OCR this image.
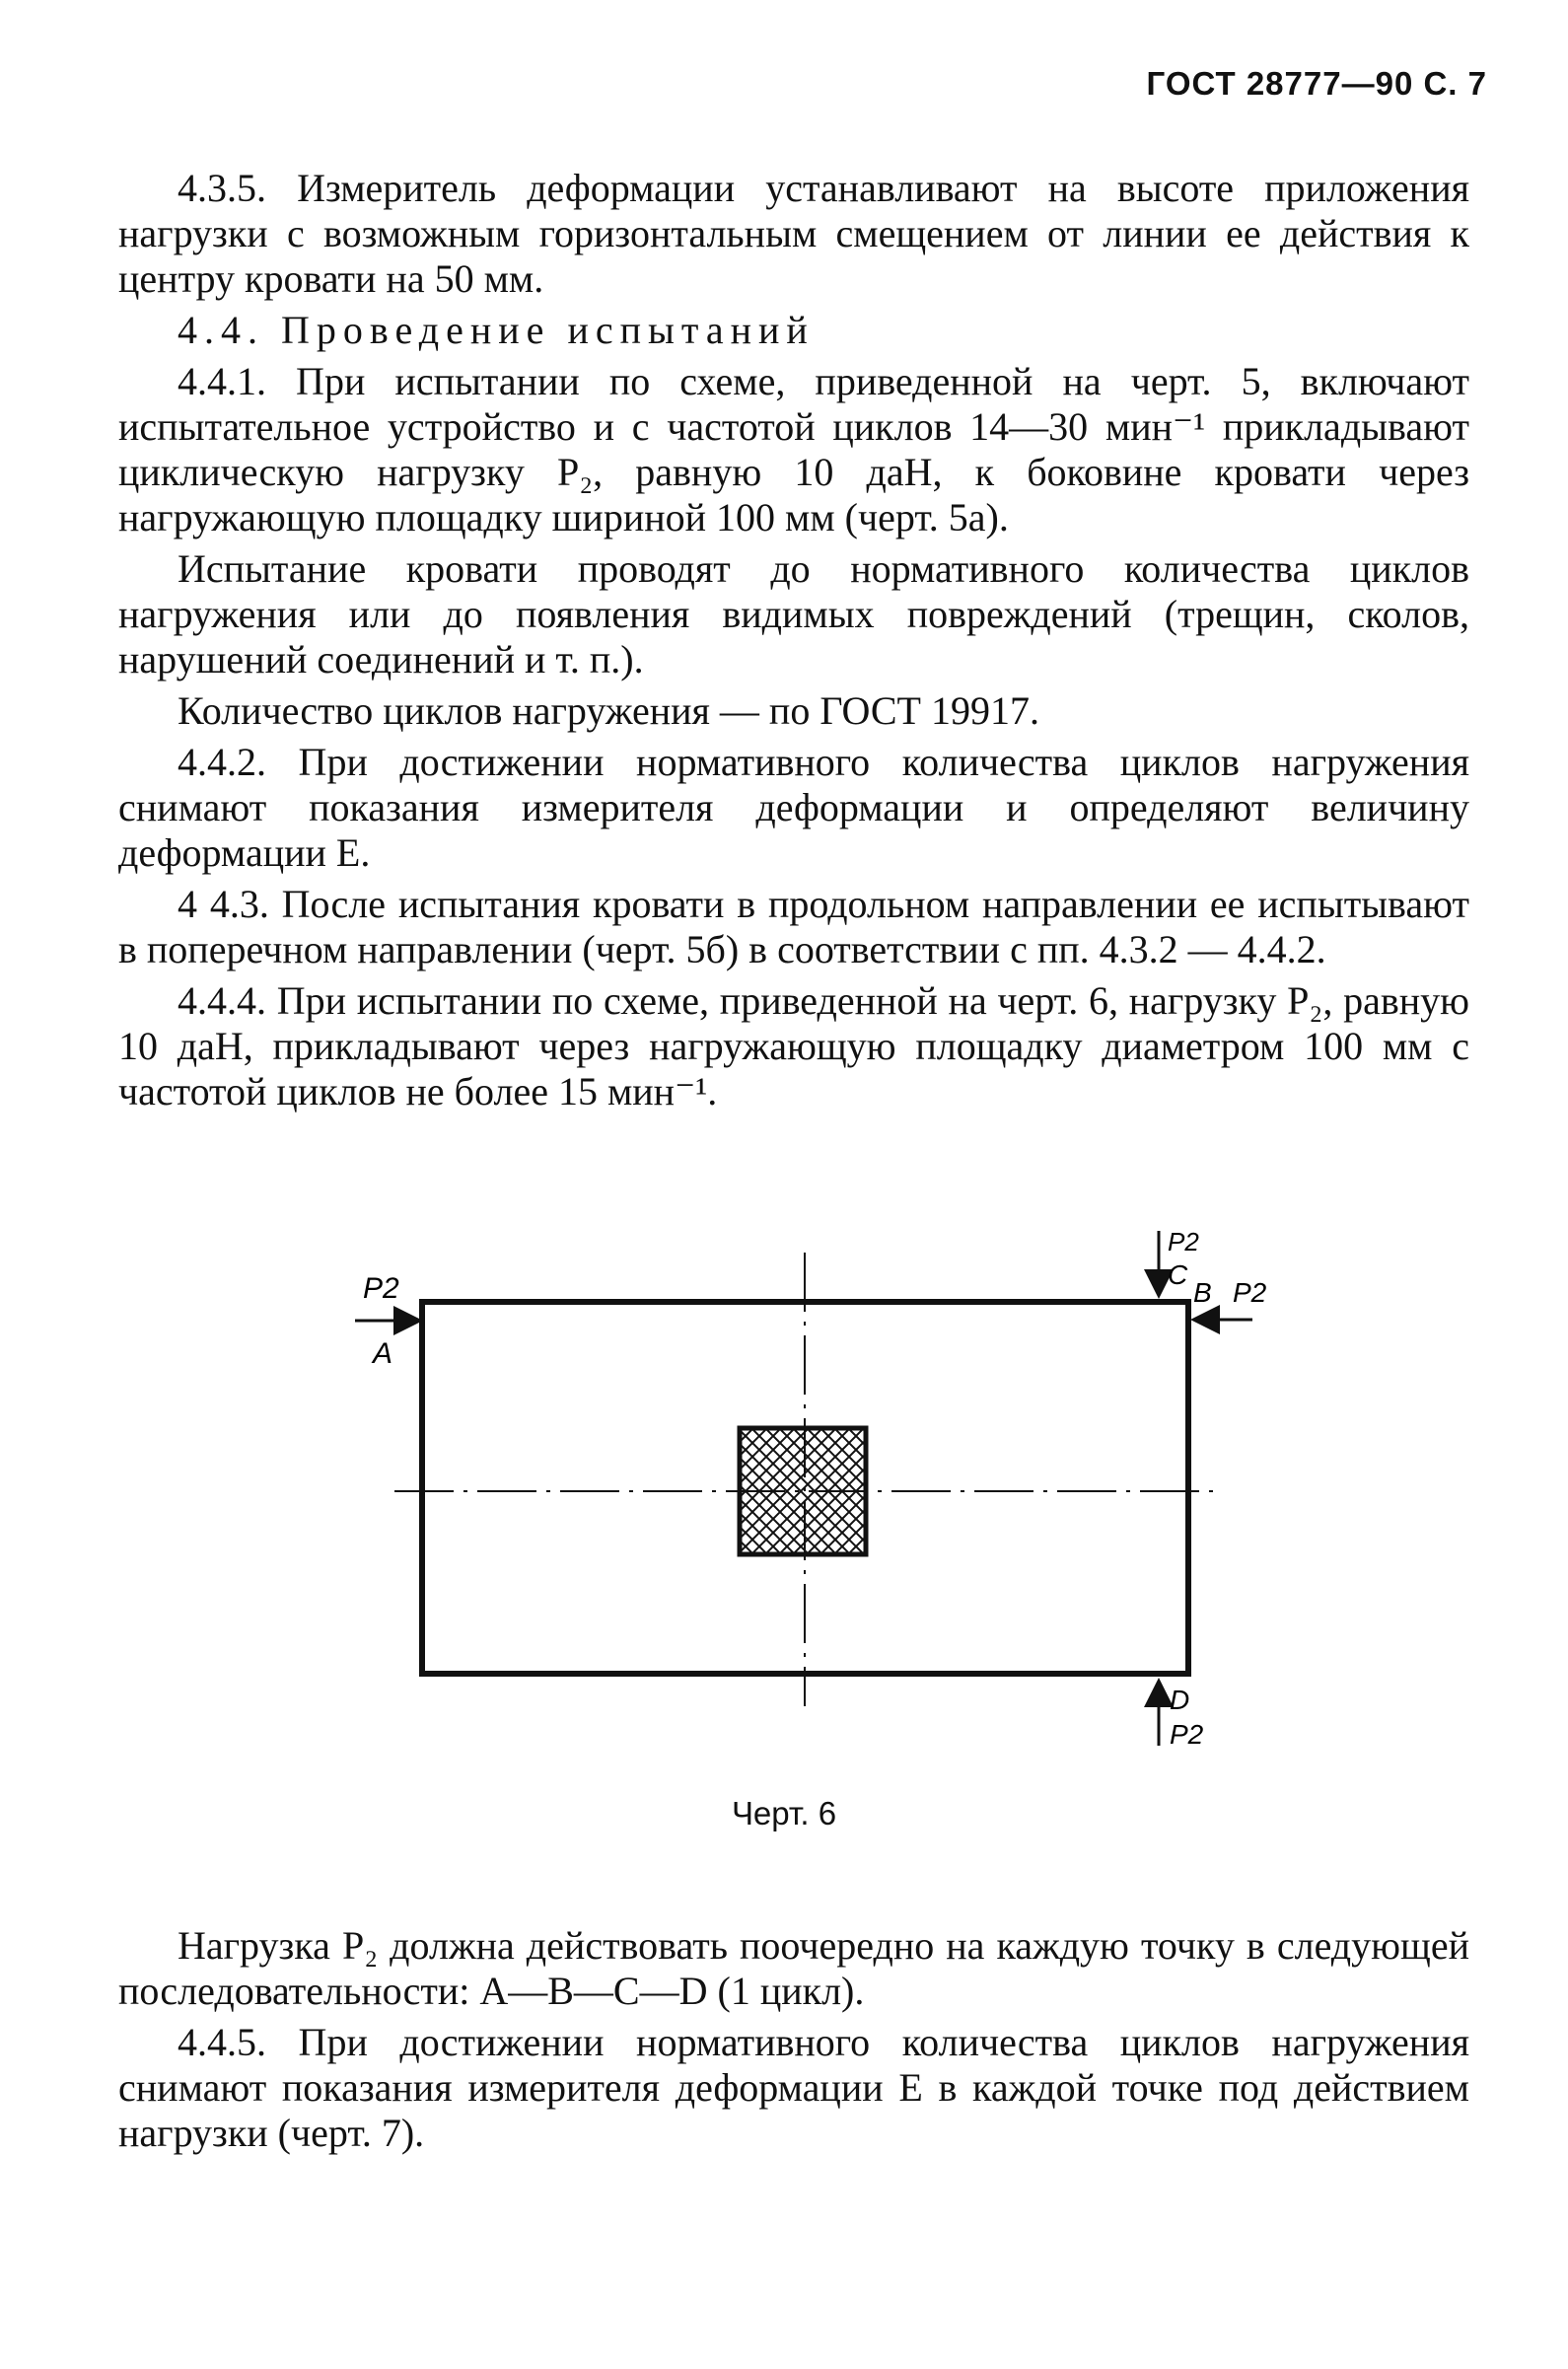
ГОСТ 28777—90 С. 7

4.3.5. Измеритель деформации устанавливают на высоте приложения нагрузки с возможным горизонтальным смещением от линии ее действия к центру кровати на 50 мм.

4.4. Проведение испытаний

4.4.1. При испытании по схеме, приведенной на черт. 5, включают испытательное устройство и с частотой циклов 14—30 мин⁻¹ прикладывают циклическую нагрузку P₂, равную 10 даН, к боковине кровати через нагружающую площадку шириной 100 мм (черт. 5а).

Испытание кровати проводят до нормативного количества циклов нагружения или до появления видимых повреждений (трещин, сколов, нарушений соединений и т. п.).

Количество циклов нагружения — по ГОСТ 19917.

4.4.2. При достижении нормативного количества циклов нагружения снимают показания измерителя деформации и определяют величину деформации E.

4 4.3. После испытания кровати в продольном направлении ее испытывают в поперечном направлении (черт. 5б) в соответствии с пп. 4.3.2 — 4.4.2.

4.4.4. При испытании по схеме, приведенной на черт. 6, нагрузку P₂, равную 10 даН, прикладывают через нагружающую площадку диаметром 100 мм с частотой циклов не более 15 мин⁻¹.

P2
A
P2
C
B P2
D
P2
Черт. 6

Нагрузка P₂ должна действовать поочередно на каждую точку в следующей последовательности: A—B—C—D (1 цикл).

4.4.5. При достижении нормативного количества циклов нагружения снимают показания измерителя деформации E в каждой точке под действием нагрузки (черт. 7).
